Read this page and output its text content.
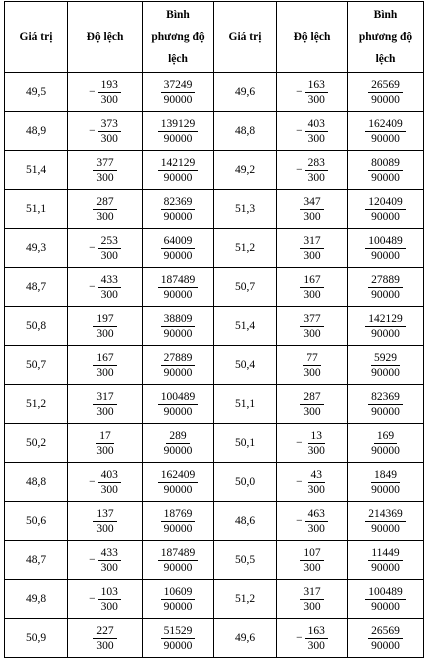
Giá trị	Độ lệch	Bình
phương độ
lệch	Giá trị	Độ lệch	Bình
phương độ
lệch
49,5	− $\frac{193}{300}$	$\frac{37249}{90000}$	49,6	− $\frac{163}{300}$	$\frac{26569}{90000}$

48,9	− $\frac{373}{300}$	$\frac{139129}{90000}$	48,8	− $\frac{403}{300}$	$\frac{162409}{90000}$

51,4	$\frac{377}{300}$	$\frac{142129}{90000}$	49,2	− $\frac{283}{300}$	$\frac{80089}{90000}$

51,1	$\frac{287}{300}$	$\frac{82369}{90000}$	51,3	$\frac{347}{300}$	$\frac{120409}{90000}$

49,3	− $\frac{253}{300}$	$\frac{64009}{90000}$	51,2	$\frac{317}{300}$	$\frac{100489}{90000}$

48,7	− $\frac{433}{300}$	$\frac{187489}{90000}$	50,7	$\frac{167}{300}$	$\frac{27889}{90000}$

50,8	$\frac{197}{300}$	$\frac{38809}{90000}$	51,4	$\frac{377}{300}$	$\frac{142129}{90000}$

50,7	$\frac{167}{300}$	$\frac{27889}{90000}$	50,4	$\frac{77}{300}$	$\frac{5929}{90000}$

51,2	$\frac{317}{300}$	$\frac{100489}{90000}$	51,1	$\frac{287}{300}$	$\frac{82369}{90000}$

50,2	$\frac{17}{300}$	$\frac{289}{90000}$	50,1	− $\frac{13}{300}$	$\frac{169}{90000}$

48,8	− $\frac{403}{300}$	$\frac{162409}{90000}$	50,0	− $\frac{43}{300}$	$\frac{1849}{90000}$

50,6	$\frac{137}{300}$	$\frac{18769}{90000}$	48,6	− $\frac{463}{300}$	$\frac{214369}{90000}$

48,7	− $\frac{433}{300}$	$\frac{187489}{90000}$	50,5	$\frac{107}{300}$	$\frac{11449}{90000}$

49,8	− $\frac{103}{300}$	$\frac{10609}{90000}$	51,2	$\frac{317}{300}$	$\frac{100489}{90000}$

50,9	$\frac{227}{300}$	$\frac{51529}{90000}$	49,6	− $\frac{163}{300}$	$\frac{26569}{90000}$
